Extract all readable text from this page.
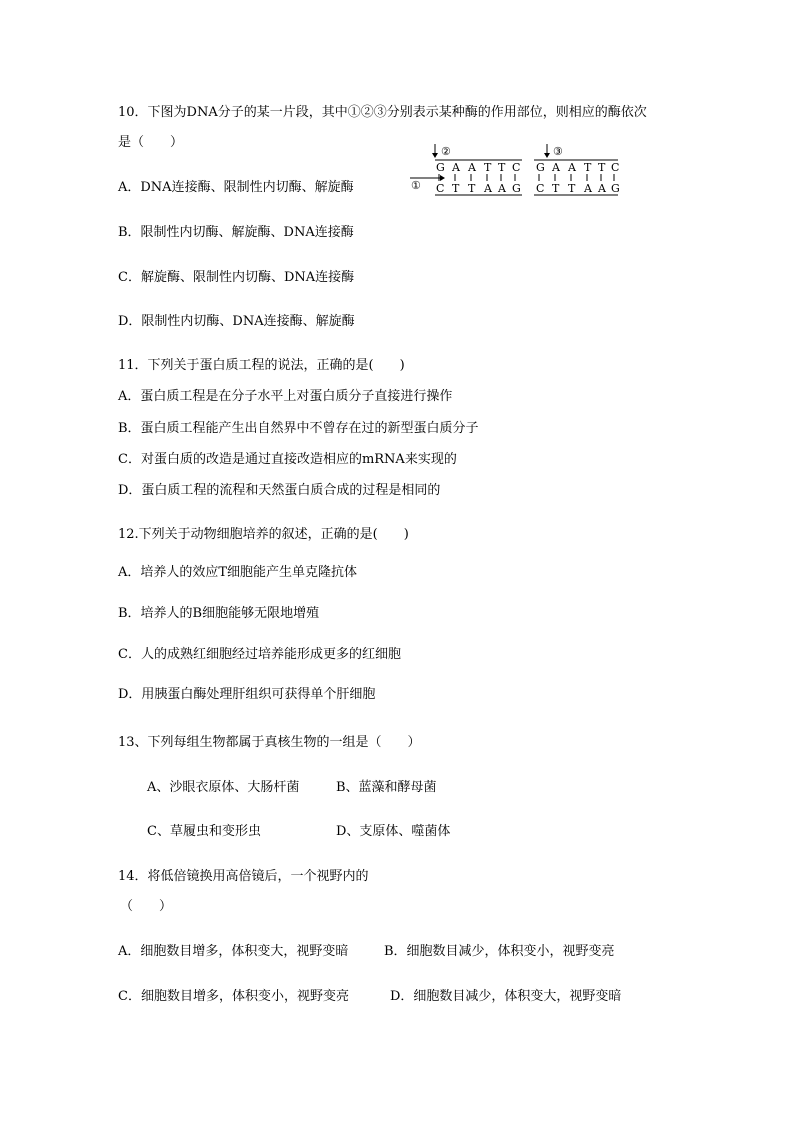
10．下图为DNA分子的某一片段，其中①②③分别表示某种酶的作用部位，则相应的酶依次
是（　　）
②	③
G A A T T C G A A T T C
① C T T A A G C T T A A G
A．DNA连接酶、限制性内切酶、解旋酶
B．限制性内切酶、解旋酶、DNA连接酶
C．解旋酶、限制性内切酶、DNA连接酶
D．限制性内切酶、DNA连接酶、解旋酶
11．下列关于蛋白质工程的说法，正确的是(　　)
A．蛋白质工程是在分子水平上对蛋白质分子直接进行操作
B．蛋白质工程能产生出自然界中不曾存在过的新型蛋白质分子
C．对蛋白质的改造是通过直接改造相应的mRNA来实现的
D．蛋白质工程的流程和天然蛋白质合成的过程是相同的
12.下列关于动物细胞培养的叙述，正确的是(　　)
A．培养人的效应T细胞能产生单克隆抗体
B．培养人的B细胞能够无限地增殖
C．人的成熟红细胞经过培养能形成更多的红细胞
D．用胰蛋白酶处理肝组织可获得单个肝细胞
13、下列每组生物都属于真核生物的一组是（　　）
A、沙眼衣原体、大肠杆菌	B、蓝藻和酵母菌
C、草履虫和变形虫	D、支原体、噬菌体
14．将低倍镜换用高倍镜后，一个视野内的
（　　）
A．细胞数目增多，体积变大，视野变暗	B．细胞数目减少，体积变小，视野变亮
C．细胞数目增多，体积变小，视野变亮	D．细胞数目减少，体积变大，视野变暗
